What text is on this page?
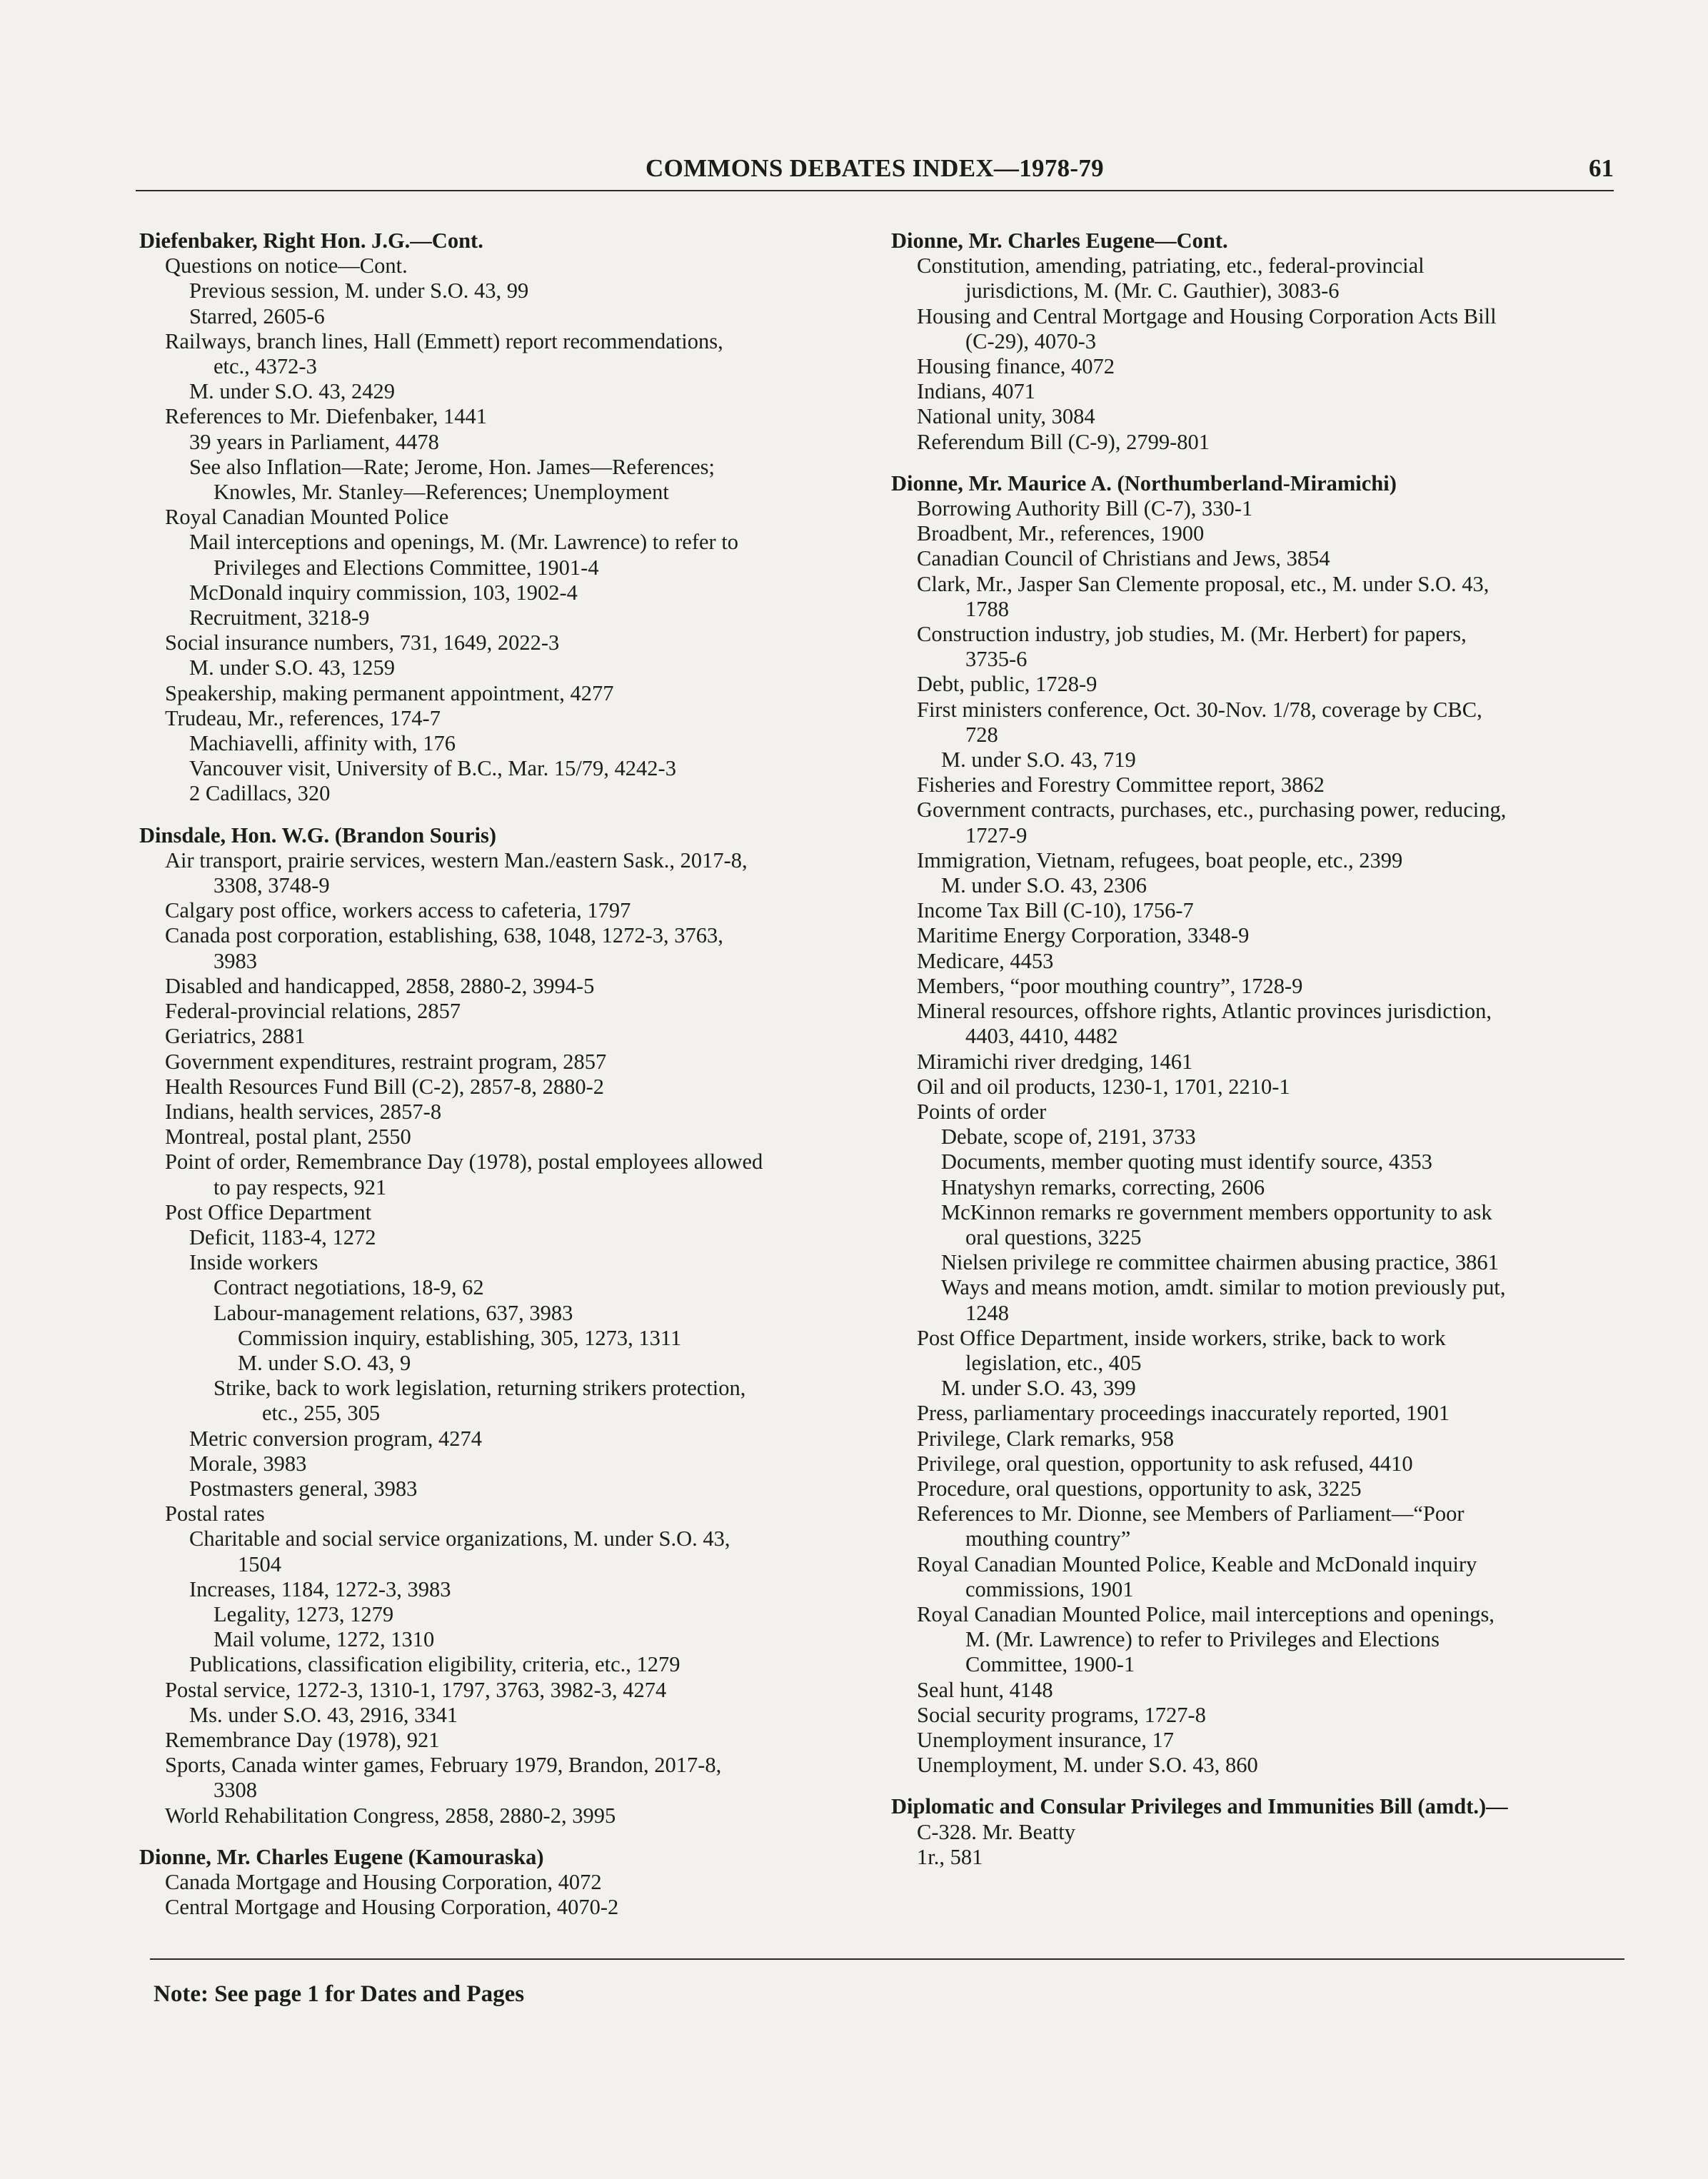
COMMONS DEBATES INDEX—1978-79	61
Diefenbaker, Right Hon. J.G.—Cont.
Questions on notice—Cont.
Previous session, M. under S.O. 43, 99
Starred, 2605-6
Railways, branch lines, Hall (Emmett) report recommendations,
etc., 4372-3
M. under S.O. 43, 2429
References to Mr. Diefenbaker, 1441
39 years in Parliament, 4478
See also Inflation—Rate; Jerome, Hon. James—References;
Knowles, Mr. Stanley—References; Unemployment
Royal Canadian Mounted Police
Mail interceptions and openings, M. (Mr. Lawrence) to refer to
Privileges and Elections Committee, 1901-4
McDonald inquiry commission, 103, 1902-4
Recruitment, 3218-9
Social insurance numbers, 731, 1649, 2022-3
M. under S.O. 43, 1259
Speakership, making permanent appointment, 4277
Trudeau, Mr., references, 174-7
Machiavelli, affinity with, 176
Vancouver visit, University of B.C., Mar. 15/79, 4242-3
2 Cadillacs, 320
Dinsdale, Hon. W.G. (Brandon Souris)
Air transport, prairie services, western Man./eastern Sask., 2017-8,
3308, 3748-9
Calgary post office, workers access to cafeteria, 1797
Canada post corporation, establishing, 638, 1048, 1272-3, 3763,
3983
Disabled and handicapped, 2858, 2880-2, 3994-5
Federal-provincial relations, 2857
Geriatrics, 2881
Government expenditures, restraint program, 2857
Health Resources Fund Bill (C-2), 2857-8, 2880-2
Indians, health services, 2857-8
Montreal, postal plant, 2550
Point of order, Remembrance Day (1978), postal employees allowed
to pay respects, 921
Post Office Department
Deficit, 1183-4, 1272
Inside workers
Contract negotiations, 18-9, 62
Labour-management relations, 637, 3983
Commission inquiry, establishing, 305, 1273, 1311
M. under S.O. 43, 9
Strike, back to work legislation, returning strikers protection,
etc., 255, 305
Metric conversion program, 4274
Morale, 3983
Postmasters general, 3983
Postal rates
Charitable and social service organizations, M. under S.O. 43,
1504
Increases, 1184, 1272-3, 3983
Legality, 1273, 1279
Mail volume, 1272, 1310
Publications, classification eligibility, criteria, etc., 1279
Postal service, 1272-3, 1310-1, 1797, 3763, 3982-3, 4274
Ms. under S.O. 43, 2916, 3341
Remembrance Day (1978), 921
Sports, Canada winter games, February 1979, Brandon, 2017-8,
3308
World Rehabilitation Congress, 2858, 2880-2, 3995
Dionne, Mr. Charles Eugene (Kamouraska)
Canada Mortgage and Housing Corporation, 4072
Central Mortgage and Housing Corporation, 4070-2
Dionne, Mr. Charles Eugene—Cont.
Constitution, amending, patriating, etc., federal-provincial
jurisdictions, M. (Mr. C. Gauthier), 3083-6
Housing and Central Mortgage and Housing Corporation Acts Bill
(C-29), 4070-3
Housing finance, 4072
Indians, 4071
National unity, 3084
Referendum Bill (C-9), 2799-801
Dionne, Mr. Maurice A. (Northumberland-Miramichi)
Borrowing Authority Bill (C-7), 330-1
Broadbent, Mr., references, 1900
Canadian Council of Christians and Jews, 3854
Clark, Mr., Jasper San Clemente proposal, etc., M. under S.O. 43,
1788
Construction industry, job studies, M. (Mr. Herbert) for papers,
3735-6
Debt, public, 1728-9
First ministers conference, Oct. 30-Nov. 1/78, coverage by CBC,
728
M. under S.O. 43, 719
Fisheries and Forestry Committee report, 3862
Government contracts, purchases, etc., purchasing power, reducing,
1727-9
Immigration, Vietnam, refugees, boat people, etc., 2399
M. under S.O. 43, 2306
Income Tax Bill (C-10), 1756-7
Maritime Energy Corporation, 3348-9
Medicare, 4453
Members, “poor mouthing country”, 1728-9
Mineral resources, offshore rights, Atlantic provinces jurisdiction,
4403, 4410, 4482
Miramichi river dredging, 1461
Oil and oil products, 1230-1, 1701, 2210-1
Points of order
Debate, scope of, 2191, 3733
Documents, member quoting must identify source, 4353
Hnatyshyn remarks, correcting, 2606
McKinnon remarks re government members opportunity to ask
oral questions, 3225
Nielsen privilege re committee chairmen abusing practice, 3861
Ways and means motion, amdt. similar to motion previously put,
1248
Post Office Department, inside workers, strike, back to work
legislation, etc., 405
M. under S.O. 43, 399
Press, parliamentary proceedings inaccurately reported, 1901
Privilege, Clark remarks, 958
Privilege, oral question, opportunity to ask refused, 4410
Procedure, oral questions, opportunity to ask, 3225
References to Mr. Dionne, see Members of Parliament—“Poor
mouthing country”
Royal Canadian Mounted Police, Keable and McDonald inquiry
commissions, 1901
Royal Canadian Mounted Police, mail interceptions and openings,
M. (Mr. Lawrence) to refer to Privileges and Elections
Committee, 1900-1
Seal hunt, 4148
Social security programs, 1727-8
Unemployment insurance, 17
Unemployment, M. under S.O. 43, 860
Diplomatic and Consular Privileges and Immunities Bill (amdt.)—
C-328. Mr. Beatty
1r., 581
Note: See page 1 for Dates and Pages
